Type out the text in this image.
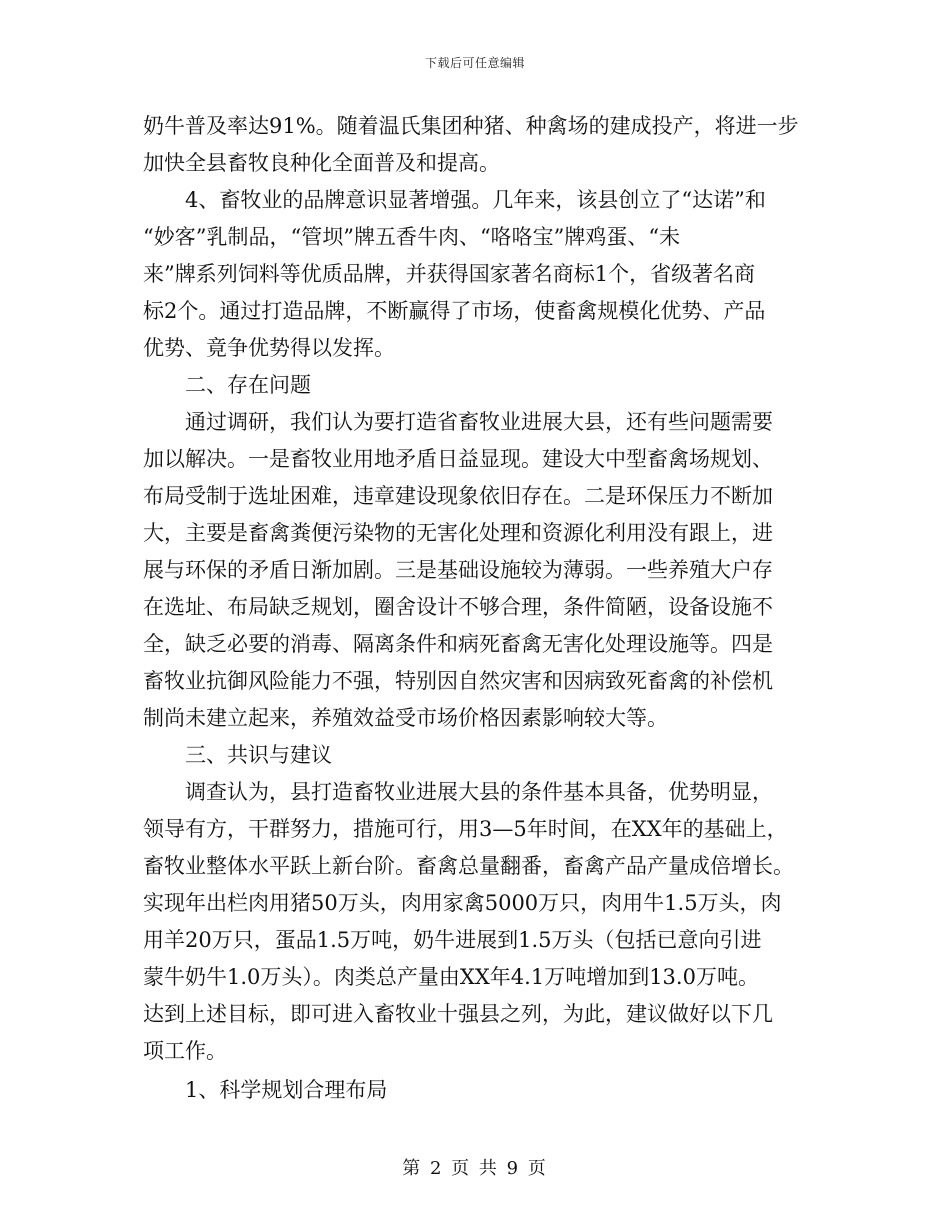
下载后可任意编辑
奶牛普及率达91%。随着温氏集团种猪、种禽场的建成投产，将进一步
加快全县畜牧良种化全面普及和提高。
4、畜牧业的品牌意识显著增强。几年来，该县创立了“达诺”和
“妙客”乳制品，“管坝”牌五香牛肉、“咯咯宝”牌鸡蛋、“未
来”牌系列饲料等优质品牌，并获得国家著名商标1个，省级著名商
标2个。通过打造品牌，不断赢得了市场，使畜禽规模化优势、产品
优势、竟争优势得以发挥。
二、存在问题
通过调研，我们认为要打造省畜牧业进展大县，还有些问题需要
加以解决。一是畜牧业用地矛盾日益显现。建设大中型畜禽场规划、
布局受制于选址困难，违章建设现象依旧存在。二是环保压力不断加
大，主要是畜禽粪便污染物的无害化处理和资源化利用没有跟上，进
展与环保的矛盾日渐加剧。三是基础设施较为薄弱。一些养殖大户存
在选址、布局缺乏规划，圈舍设计不够合理，条件简陋，设备设施不
全，缺乏必要的消毒、隔离条件和病死畜禽无害化处理设施等。四是
畜牧业抗御风险能力不强，特别因自然灾害和因病致死畜禽的补偿机
制尚未建立起来，养殖效益受市场价格因素影响较大等。
三、共识与建议
调查认为，县打造畜牧业进展大县的条件基本具备，优势明显，
领导有方，干群努力，措施可行，用3—5年时间，在XX年的基础上，
畜牧业整体水平跃上新台阶。畜禽总量翻番，畜禽产品产量成倍增长。
实现年出栏肉用猪50万头，肉用家禽5000万只，肉用牛1.5万头，肉
用羊20万只，蛋品1.5万吨，奶牛进展到1.5万头（包括已意向引进
蒙牛奶牛1.0万头）。肉类总产量由XX年4.1万吨增加到13.0万吨。
达到上述目标，即可进入畜牧业十强县之列，为此，建议做好以下几
项工作。
1、科学规划合理布局
第 2 页 共 9 页
